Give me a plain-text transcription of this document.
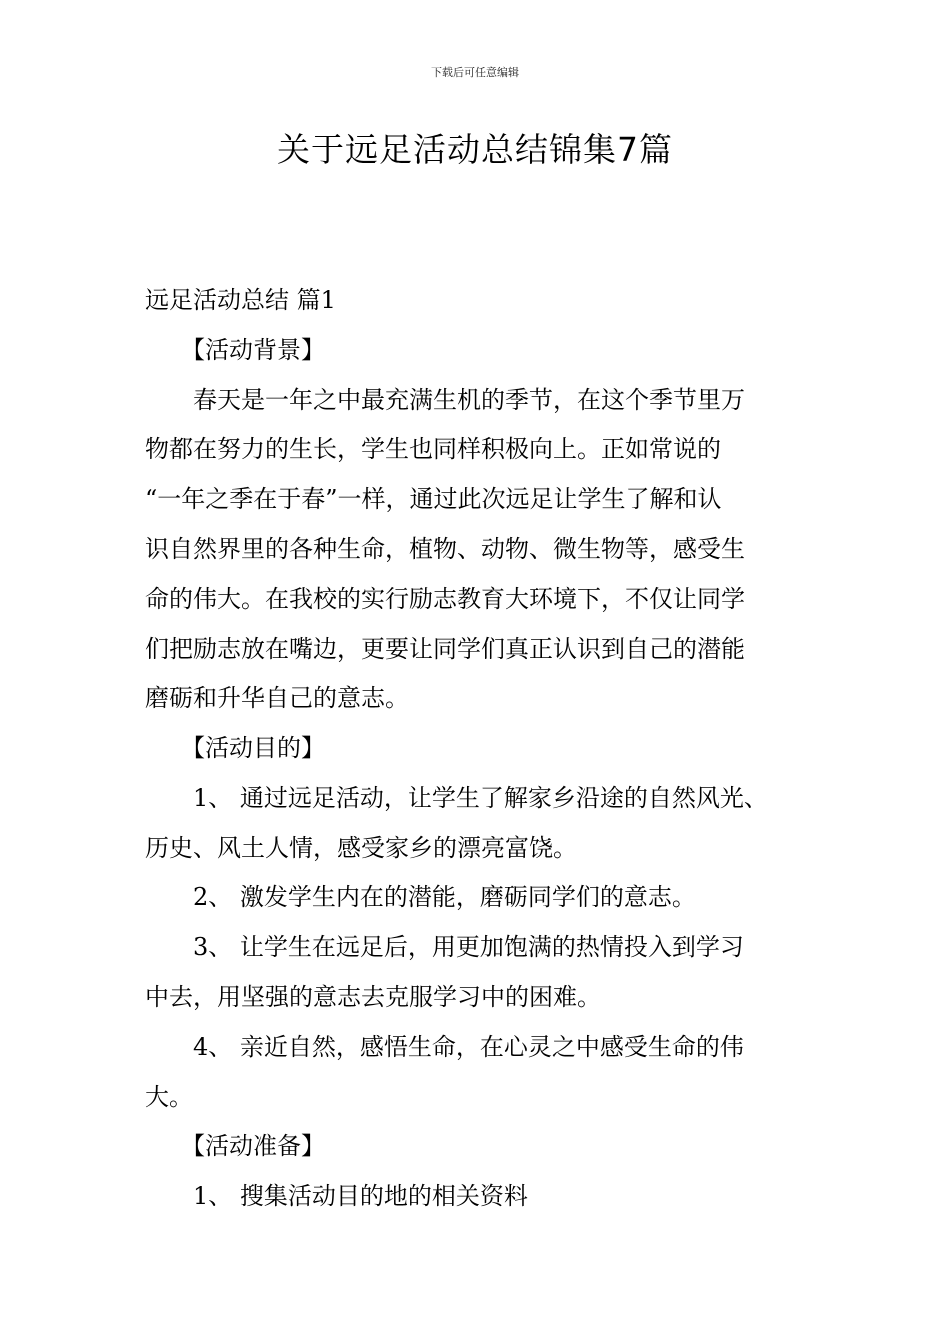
下载后可任意编辑
关于远足活动总结锦集7篇
远足活动总结 篇1
　　【活动背景】
　　春天是一年之中最充满生机的季节，在这个季节里万
物都在努力的生长，学生也同样积极向上。正如常说的
“一年之季在于春”一样，通过此次远足让学生了解和认
识自然界里的各种生命，植物、动物、微生物等，感受生
命的伟大。在我校的实行励志教育大环境下，不仅让同学
们把励志放在嘴边，更要让同学们真正认识到自己的潜能
磨砺和升华自己的意志。
　　【活动目的】
　　1、 通过远足活动，让学生了解家乡沿途的自然风光、
历史、风土人情，感受家乡的漂亮富饶。
　　2、 激发学生内在的潜能，磨砺同学们的意志。
　　3、 让学生在远足后，用更加饱满的热情投入到学习
中去，用坚强的意志去克服学习中的困难。
　　4、 亲近自然，感悟生命，在心灵之中感受生命的伟
大。
　　【活动准备】
　　1、 搜集活动目的地的相关资料
